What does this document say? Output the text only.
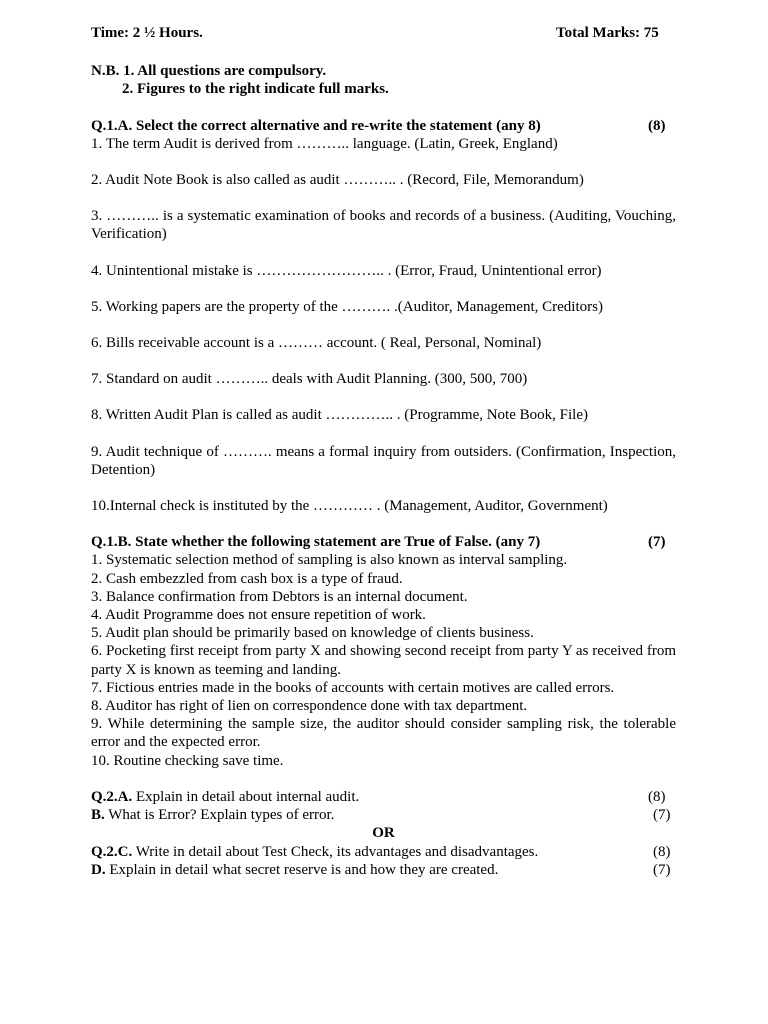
Time: 2 ½ Hours.	Total Marks: 75
N.B. 1. All questions are compulsory.
2. Figures to the right indicate full marks.
Q.1.A. Select the correct alternative and re-write the statement (any 8)	(8)
1. The term Audit is derived from ……….. language. (Latin, Greek, England)
2. Audit Note Book is also called as audit ……….. . (Record, File, Memorandum)
3. ……….. is a systematic examination of books and records of a business. (Auditing, Vouching, Verification)
4. Unintentional mistake is …………………….. . (Error, Fraud, Unintentional error)
5. Working papers are the property of the ………. .(Auditor, Management, Creditors)
6. Bills receivable account is a ……… account. ( Real, Personal, Nominal)
7. Standard on audit ……….. deals with Audit Planning. (300, 500, 700)
8. Written Audit Plan is called as audit ………….. . (Programme, Note Book, File)
9. Audit technique of ………. means a formal inquiry from outsiders. (Confirmation, Inspection, Detention)
10.Internal check is instituted by the ………… . (Management, Auditor, Government)
Q.1.B. State whether the following statement are True of False. (any 7)	(7)
1. Systematic selection method of sampling is also known as interval sampling.
2. Cash embezzled from cash box is a type of fraud.
3. Balance confirmation from Debtors is an internal document.
4. Audit Programme does not ensure repetition of work.
5. Audit plan should be primarily based on knowledge of clients business.
6. Pocketing first receipt from party X and showing second receipt from party Y as received from party X is known as teeming and landing.
7. Fictious entries made in the books of accounts with certain motives are called errors.
8. Auditor has right of lien on correspondence done with tax department.
9. While determining the sample size, the auditor should consider sampling risk, the tolerable error and the expected error.
10. Routine checking save time.
Q.2.A. Explain in detail about internal audit.	(8)
B. What is Error? Explain types of error.	(7)
OR
Q.2.C. Write in detail about Test Check, its advantages and disadvantages.	(8)
D. Explain in detail what secret reserve is and how they are created.	(7)
